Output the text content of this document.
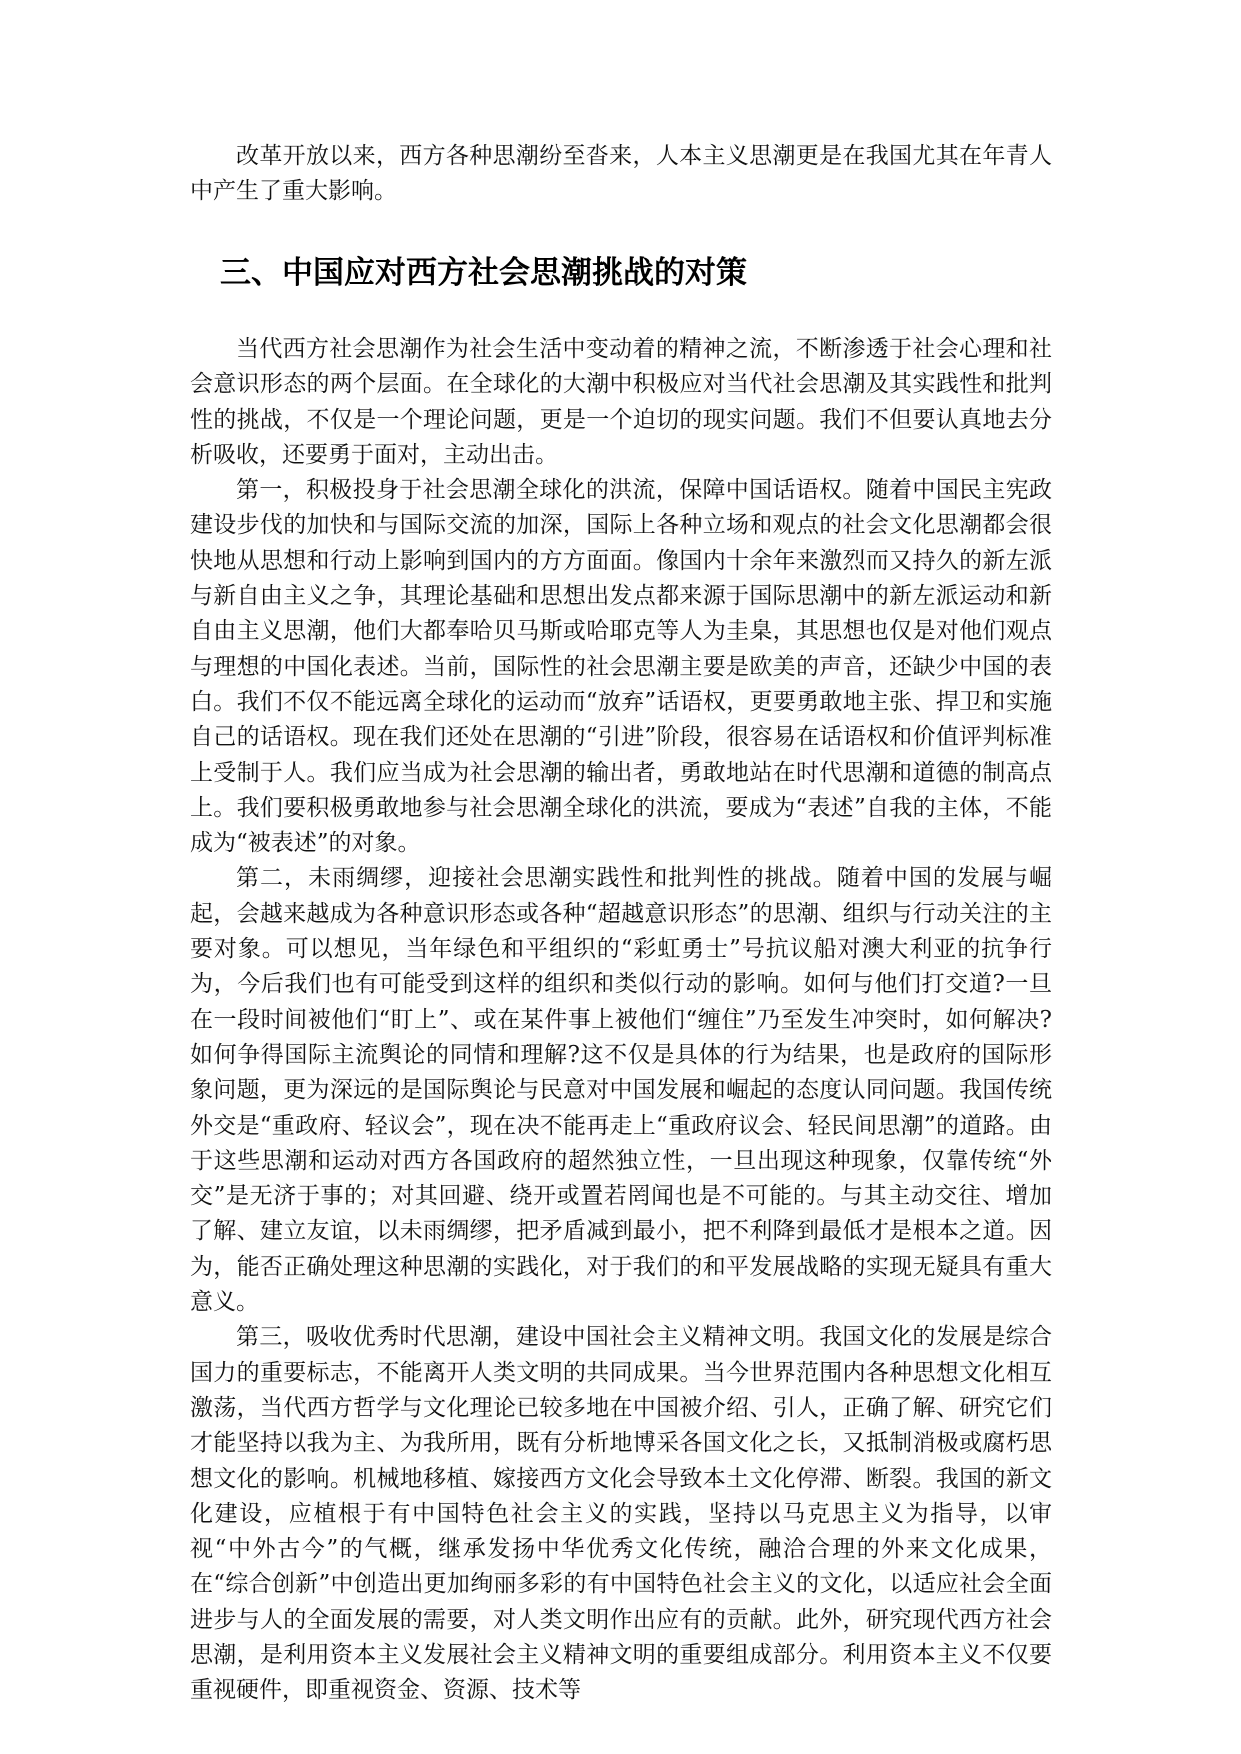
改革开放以来，西方各种思潮纷至沓来，人本主义思潮更是在我国尤其在年青人中产生了重大影响。

三、中国应对西方社会思潮挑战的对策

当代西方社会思潮作为社会生活中变动着的精神之流，不断渗透于社会心理和社会意识形态的两个层面。在全球化的大潮中积极应对当代社会思潮及其实践性和批判性的挑战，不仅是一个理论问题，更是一个迫切的现实问题。我们不但要认真地去分析吸收，还要勇于面对，主动出击。

第一，积极投身于社会思潮全球化的洪流，保障中国话语权。随着中国民主宪政建设步伐的加快和与国际交流的加深，国际上各种立场和观点的社会文化思潮都会很快地从思想和行动上影响到国内的方方面面。像国内十余年来激烈而又持久的新左派与新自由主义之争，其理论基础和思想出发点都来源于国际思潮中的新左派运动和新自由主义思潮，他们大都奉哈贝马斯或哈耶克等人为圭臬，其思想也仅是对他们观点与理想的中国化表述。当前，国际性的社会思潮主要是欧美的声音，还缺少中国的表白。我们不仅不能远离全球化的运动而“放弃”话语权，更要勇敢地主张、捍卫和实施自己的话语权。现在我们还处在思潮的“引进”阶段，很容易在话语权和价值评判标准上受制于人。我们应当成为社会思潮的输出者，勇敢地站在时代思潮和道德的制高点上。我们要积极勇敢地参与社会思潮全球化的洪流，要成为“表述”自我的主体，不能成为“被表述”的对象。

第二，未雨绸缪，迎接社会思潮实践性和批判性的挑战。随着中国的发展与崛起，会越来越成为各种意识形态或各种“超越意识形态”的思潮、组织与行动关注的主要对象。可以想见，当年绿色和平组织的“彩虹勇士”号抗议船对澳大利亚的抗争行为，今后我们也有可能受到这样的组织和类似行动的影响。如何与他们打交道?一旦在一段时间被他们“盯上”、或在某件事上被他们“缠住”乃至发生冲突时，如何解决?如何争得国际主流舆论的同情和理解?这不仅是具体的行为结果，也是政府的国际形象问题，更为深远的是国际舆论与民意对中国发展和崛起的态度认同问题。我国传统外交是“重政府、轻议会”，现在决不能再走上“重政府议会、轻民间思潮”的道路。由于这些思潮和运动对西方各国政府的超然独立性，一旦出现这种现象，仅靠传统“外交”是无济于事的；对其回避、绕开或置若罔闻也是不可能的。与其主动交往、增加了解、建立友谊，以未雨绸缪，把矛盾减到最小，把不利降到最低才是根本之道。因为，能否正确处理这种思潮的实践化，对于我们的和平发展战略的实现无疑具有重大意义。

第三，吸收优秀时代思潮，建设中国社会主义精神文明。我国文化的发展是综合国力的重要标志，不能离开人类文明的共同成果。当今世界范围内各种思想文化相互激荡，当代西方哲学与文化理论已较多地在中国被介绍、引人，正确了解、研究它们才能坚持以我为主、为我所用，既有分析地博采各国文化之长，又抵制消极或腐朽思想文化的影响。机械地移植、嫁接西方文化会导致本土文化停滞、断裂。我国的新文化建设，应植根于有中国特色社会主义的实践，坚持以马克思主义为指导，以审视“中外古今”的气概，继承发扬中华优秀文化传统，融洽合理的外来文化成果，在“综合创新”中创造出更加绚丽多彩的有中国特色社会主义的文化，以适应社会全面进步与人的全面发展的需要，对人类文明作出应有的贡献。此外，研究现代西方社会思潮，是利用资本主义发展社会主义精神文明的重要组成部分。利用资本主义不仅要重视硬件，即重视资金、资源、技术等
